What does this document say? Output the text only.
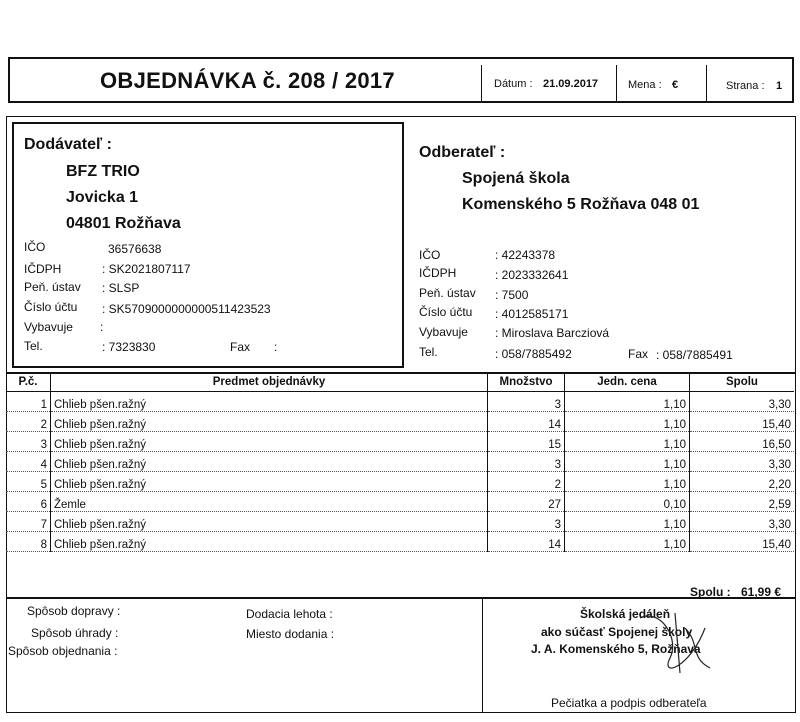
OBJEDNÁVKA č. 208 / 2017	Dátum : 21.09.2017	Mena : €	Strana : 1
Dodávateľ :
BFZ TRIO
Jovicka 1
04801 Rožňava
IČO	36576638
IČDPH	: SK2021807117
Peň. ústav : SLSP
Číslo účtu : SK5709000000000511423523
Vybavuje :
Tel.	: 7323830	Fax :
Odberateľ :
Spojená škola
Komenského 5 Rožňava 048 01
IČO	: 42243378
IČDPH	: 2023332641
Peň. ústav : 7500
Číslo účtu : 4012585171
Vybavuje : Miroslava Barcziová
Tel.	: 058/7885492	Fax : 058/7885491
P.č.	Predmet objednávky	Množstvo	Jedn. cena	Spolu
1	Chlieb pšen.ražný	3	1,10	3,30
2	Chlieb pšen.ražný	14	1,10	15,40
3	Chlieb pšen.ražný	15	1,10	16,50
4	Chlieb pšen.ražný	3	1,10	3,30
5	Chlieb pšen.ražný	2	1,10	2,20
6	Žemle	27	0,10	2,59
7	Chlieb pšen.ražný	3	1,10	3,30
8	Chlieb pšen.ražný	14	1,10	15,40
Spolu : 61,99 €
Spôsob dopravy :
Spôsob úhrady :
Spôsob objednania :
Dodacia lehota :
Miesto dodania :
Školská jedáleň
ako súčasť Spojenej školy
J. A. Komenského 5, Rožňava
Pečiatka a podpis odberateľa
